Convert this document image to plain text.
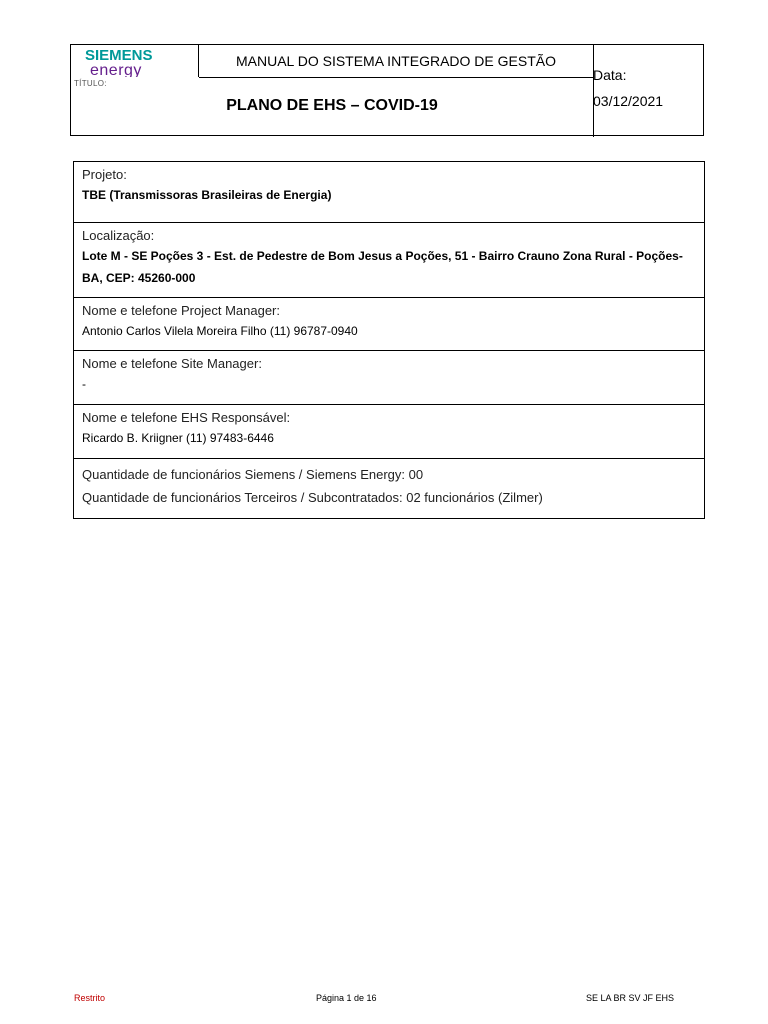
SIEMENS
energy
TÍTULO:
MANUAL DO SISTEMA INTEGRADO DE GESTÃO
PLANO DE EHS – COVID-19
Data:
03/12/2021
Projeto:
TBE (Transmissoras Brasileiras de Energia)
Localização:
Lote M - SE Poções 3 - Est. de Pedestre de Bom Jesus a Poções, 51 - Bairro Crauno Zona Rural - Poções-BA, CEP: 45260-000
Nome e telefone Project Manager:
Antonio Carlos Vilela Moreira Filho (11) 96787-0940
Nome e telefone Site Manager:
-
Nome e telefone EHS Responsável:
Ricardo B. Kriigner (11) 97483-6446
Quantidade de funcionários Siemens / Siemens Energy: 00
Quantidade de funcionários Terceiros / Subcontratados: 02 funcionários (Zilmer)
Restrito	Página 1 de 16	SE LA BR SV JF EHS
